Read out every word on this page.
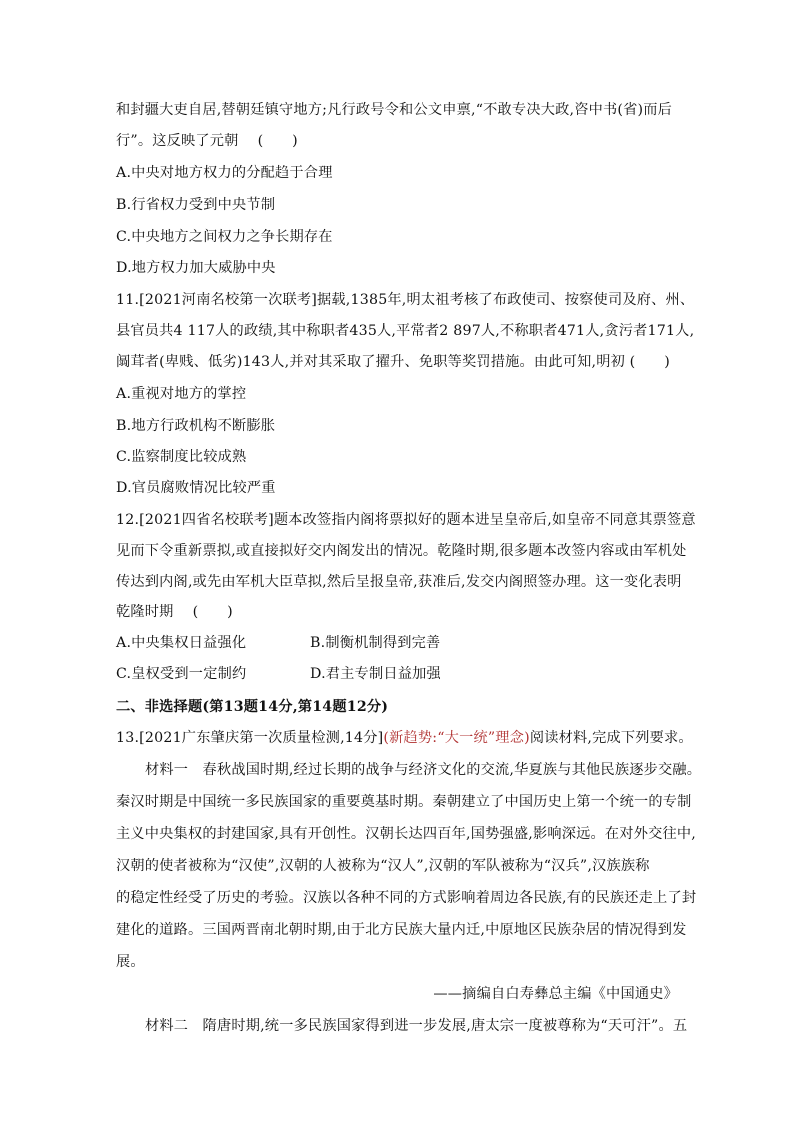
和封疆大吏自居,替朝廷镇守地方;凡行政号令和公文申禀,“不敢专决大政,咨中书(省)而后
行”。这反映了元朝　 (　　)
A.中央对地方权力的分配趋于合理
B.行省权力受到中央节制
C.中央地方之间权力之争长期存在
D.地方权力加大威胁中央
11.[2021河南名校第一次联考]据载,1385年,明太祖考核了布政使司、按察使司及府、州、
县官员共4 117人的政绩,其中称职者435人,平常者2 897人,不称职者471人,贪污者171人,
阘茸者(卑贱、低劣)143人,并对其采取了擢升、免职等奖罚措施。由此可知,明初 (　　)
A.重视对地方的掌控
B.地方行政机构不断膨胀
C.监察制度比较成熟
D.官员腐败情况比较严重
12.[2021四省名校联考]题本改签指内阁将票拟好的题本进呈皇帝后,如皇帝不同意其票签意
见而下令重新票拟,或直接拟好交内阁发出的情况。乾隆时期,很多题本改签内容或由军机处
传达到内阁,或先由军机大臣草拟,然后呈报皇帝,获准后,发交内阁照签办理。这一变化表明
乾隆时期　 (　　)
A.中央集权日益强化	B.制衡机制得到完善
C.皇权受到一定制约	D.君主专制日益加强
二、非选择题(第13题14分,第14题12分)
13.[2021广东肇庆第一次质量检测,14分](新趋势:“大一统”理念)阅读材料,完成下列要求。
材料一　春秋战国时期,经过长期的战争与经济文化的交流,华夏族与其他民族逐步交融。
秦汉时期是中国统一多民族国家的重要奠基时期。秦朝建立了中国历史上第一个统一的专制
主义中央集权的封建国家,具有开创性。汉朝长达四百年,国势强盛,影响深远。在对外交往中,
汉朝的使者被称为“汉使”,汉朝的人被称为“汉人”,汉朝的军队被称为“汉兵”,汉族族称
的稳定性经受了历史的考验。汉族以各种不同的方式影响着周边各民族,有的民族还走上了封
建化的道路。三国两晋南北朝时期,由于北方民族大量内迁,中原地区民族杂居的情况得到发
展。
——摘编自白寿彝总主编《中国通史》
材料二　隋唐时期,统一多民族国家得到进一步发展,唐太宗一度被尊称为“天可汗”。五
